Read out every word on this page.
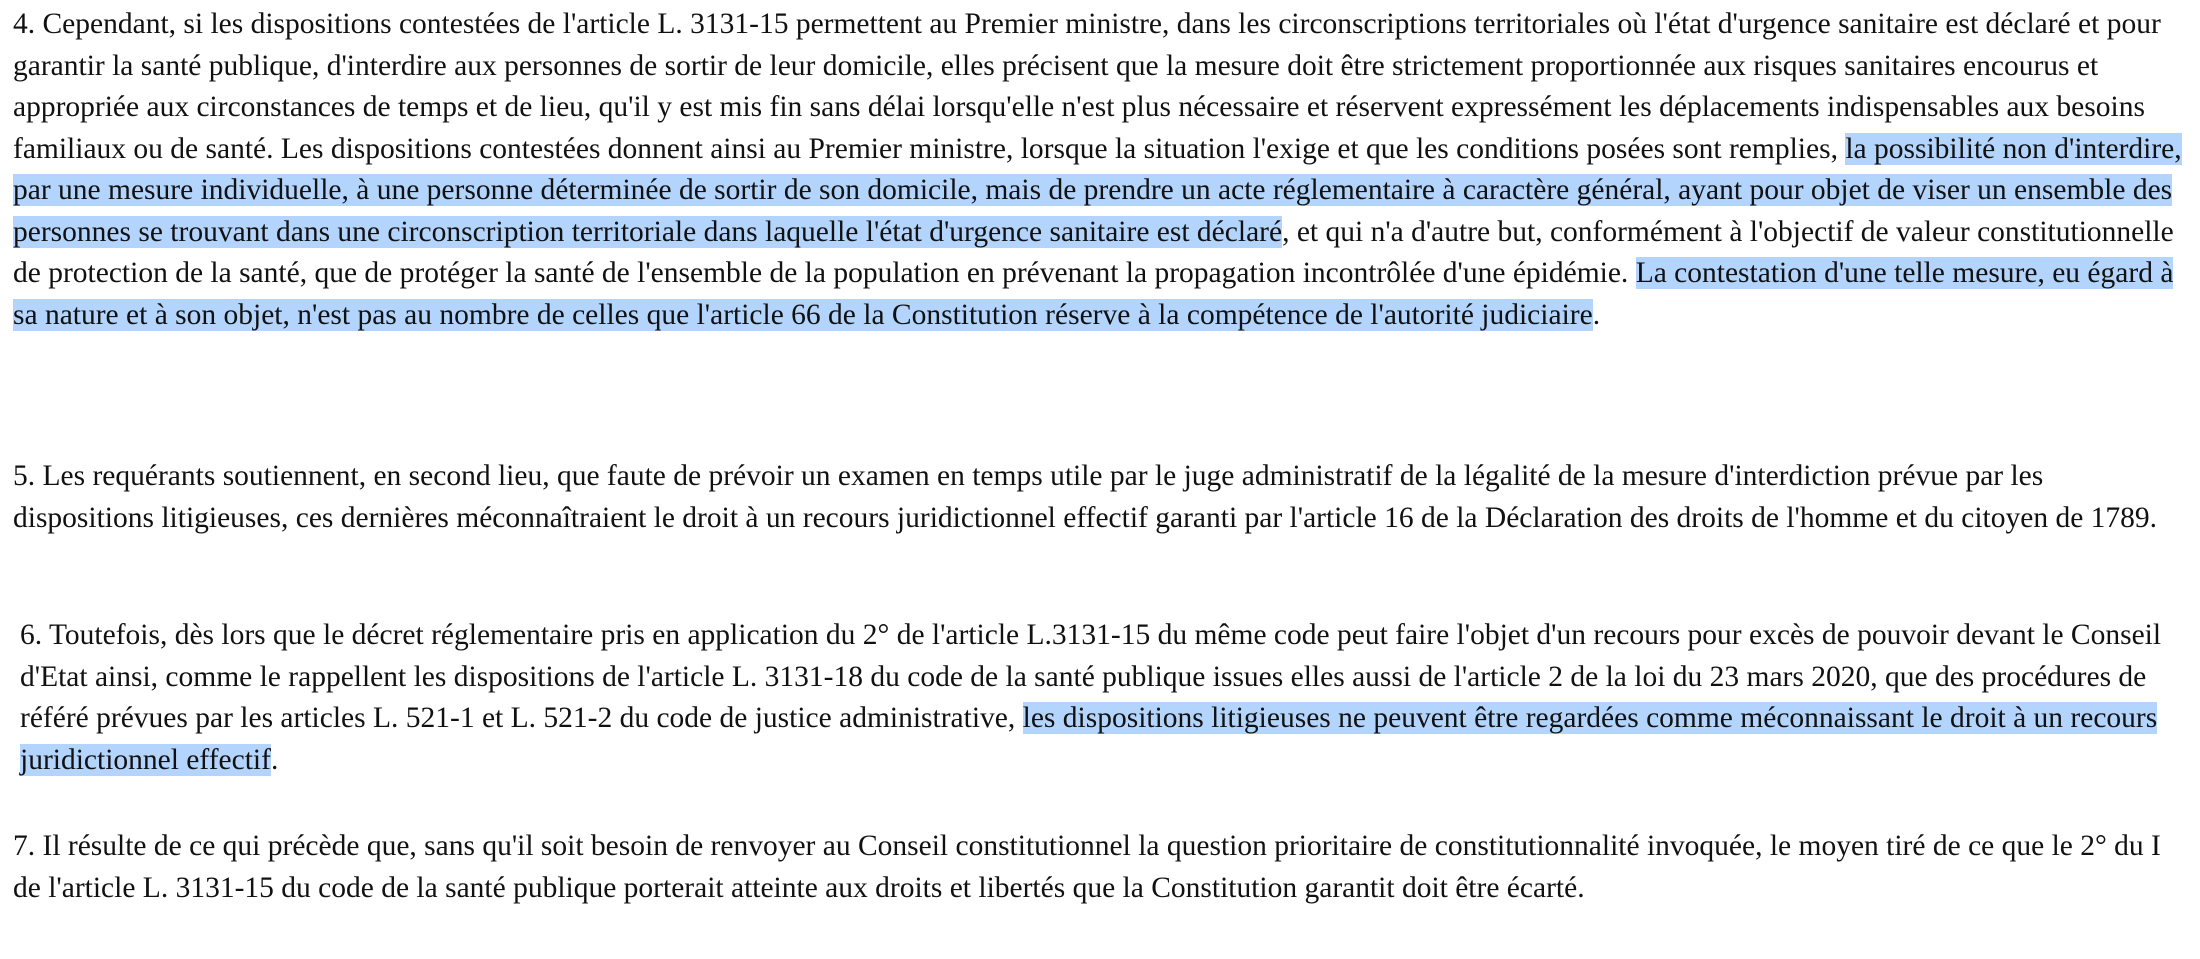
4. Cependant, si les dispositions contestées de l'article L. 3131-15 permettent au Premier ministre, dans les circonscriptions territoriales où l'état d'urgence sanitaire est déclaré et pour garantir la santé publique, d'interdire aux personnes de sortir de leur domicile, elles précisent que la mesure doit être strictement proportionnée aux risques sanitaires encourus et appropriée aux circonstances de temps et de lieu, qu'il y est mis fin sans délai lorsqu'elle n'est plus nécessaire et réservent expressément les déplacements indispensables aux besoins familiaux ou de santé. Les dispositions contestées donnent ainsi au Premier ministre, lorsque la situation l'exige et que les conditions posées sont remplies, la possibilité non d'interdire, par une mesure individuelle, à une personne déterminée de sortir de son domicile, mais de prendre un acte réglementaire à caractère général, ayant pour objet de viser un ensemble des personnes se trouvant dans une circonscription territoriale dans laquelle l'état d'urgence sanitaire est déclaré, et qui n'a d'autre but, conformément à l'objectif de valeur constitutionnelle de protection de la santé, que de protéger la santé de l'ensemble de la population en prévenant la propagation incontrôlée d'une épidémie. La contestation d'une telle mesure, eu égard à sa nature et à son objet, n'est pas au nombre de celles que l'article 66 de la Constitution réserve à la compétence de l'autorité judiciaire.

5. Les requérants soutiennent, en second lieu, que faute de prévoir un examen en temps utile par le juge administratif de la légalité de la mesure d'interdiction prévue par les dispositions litigieuses, ces dernières méconnaîtraient le droit à un recours juridictionnel effectif garanti par l'article 16 de la Déclaration des droits de l'homme et du citoyen de 1789.

6. Toutefois, dès lors que le décret réglementaire pris en application du 2° de l'article L.3131-15 du même code peut faire l'objet d'un recours pour excès de pouvoir devant le Conseil d'Etat ainsi, comme le rappellent les dispositions de l'article L. 3131-18 du code de la santé publique issues elles aussi de l'article 2 de la loi du 23 mars 2020, que des procédures de référé prévues par les articles L. 521-1 et L. 521-2 du code de justice administrative, les dispositions litigieuses ne peuvent être regardées comme méconnaissant le droit à un recours juridictionnel effectif.

7. Il résulte de ce qui précède que, sans qu'il soit besoin de renvoyer au Conseil constitutionnel la question prioritaire de constitutionnalité invoquée, le moyen tiré de ce que le 2° du I de l'article L. 3131-15 du code de la santé publique porterait atteinte aux droits et libertés que la Constitution garantit doit être écarté.
